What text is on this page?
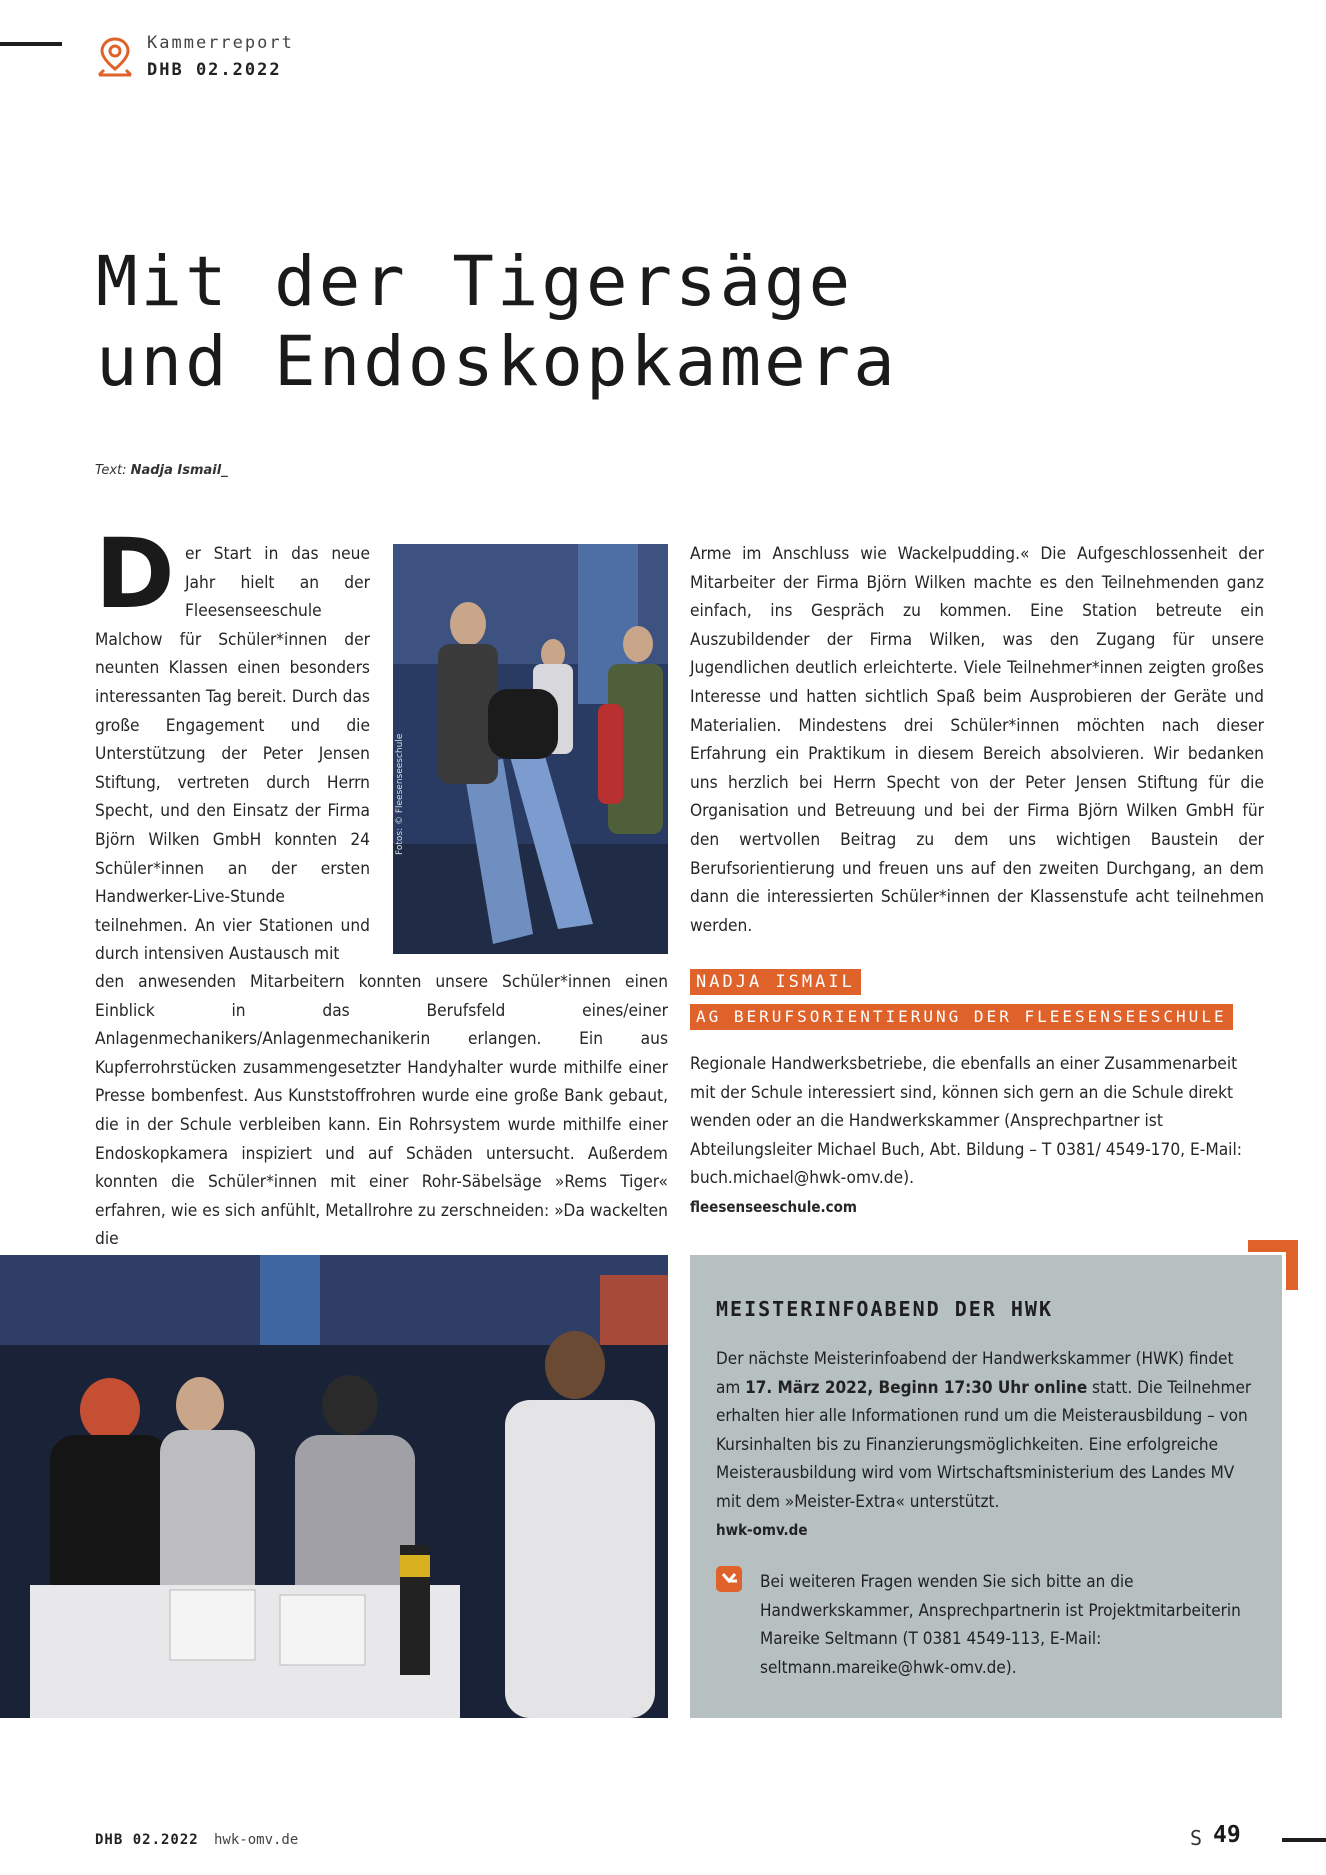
Kammerreport
DHB 02.2022
Mit der Tigersäge
und Endoskopkamera
Text: Nadja Ismail_
D er Start in das neue Jahr hielt an der Fleesenseeschule

Malchow für Schüler*innen der neunten Klassen einen besonders interessanten Tag bereit. Durch das große Engagement und die Unterstützung der Peter Jensen Stiftung, vertreten durch Herrn Specht, und den Einsatz der Firma Björn Wilken GmbH konnten 24 Schüler*innen an der ersten Handwerker-Live-Stunde teilnehmen. An vier Stationen und durch intensiven Austausch mit

Fotos: © Fleesenseeschule

den anwesenden Mitarbeitern konnten unsere Schüler*innen einen Einblick in das Berufsfeld eines/einer Anlagenmechanikers/Anlagenmechanikerin erlangen. Ein aus Kupferrohrstücken zusammengesetzter Handyhalter wurde mithilfe einer Presse bombenfest. Aus Kunststoffrohren wurde eine große Bank gebaut, die in der Schule verbleiben kann. Ein Rohrsystem wurde mithilfe einer Endoskopkamera inspiziert und auf Schäden untersucht. Außerdem konnten die Schüler*innen mit einer Rohr-Säbelsäge »Rems Tiger« erfahren, wie es sich anfühlt, Metallrohre zu zerschneiden: »Da wackelten die

Arme im Anschluss wie Wackelpudding.« Die Aufgeschlossenheit der Mitarbeiter der Firma Björn Wilken machte es den Teilnehmenden ganz einfach, ins Gespräch zu kommen. Eine Station betreute ein Auszubildender der Firma Wilken, was den Zugang für unsere Jugendlichen deutlich erleichterte. Viele Teilnehmer*innen zeigten großes Interesse und hatten sichtlich Spaß beim Ausprobieren der Geräte und Materialien. Mindestens drei Schüler*innen möchten nach dieser Erfahrung ein Praktikum in diesem Bereich absolvieren. Wir bedanken uns herzlich bei Herrn Specht von der Peter Jensen Stiftung für die Organisation und Betreuung und bei der Firma Björn Wilken GmbH für den wertvollen Beitrag zu dem uns wichtigen Baustein der Berufsorientierung und freuen uns auf den zweiten Durchgang, an dem dann die interessierten Schüler*innen der Klassenstufe acht teilnehmen werden.

NADJA ISMAIL
AG BERUFSORIENTIERUNG DER FLEESENSEESCHULE

Regionale Handwerksbetriebe, die ebenfalls an einer Zusammenarbeit mit der Schule interessiert sind, können sich gern an die Schule direkt wenden oder an die Handwerkskammer (Ansprechpartner ist Abteilungsleiter Michael Buch, Abt. Bildung – T 0381/ 4549-170, E-Mail: buch.michael@hwk-omv.de).

fleesenseeschule.com

MEISTERINFOABEND DER HWK
Der nächste Meisterinfoabend der Handwerkskammer (HWK) findet am 17. März 2022, Beginn 17:30 Uhr online statt. Die Teilnehmer erhalten hier alle Informationen rund um die Meisterausbildung – von Kursinhalten bis zu Finanzierungsmöglichkeiten. Eine erfolgreiche Meisterausbildung wird vom Wirtschaftsministerium des Landes MV mit dem »Meister-Extra« unterstützt.
hwk-omv.de
Bei weiteren Fragen wenden Sie sich bitte an die Handwerkskammer, Ansprechpartnerin ist Projektmitarbeiterin Mareike Seltmann (T 0381 4549-113, E-Mail: seltmann.mareike@hwk-omv.de).
DHB 02.2022 hwk-omv.de	S 49
